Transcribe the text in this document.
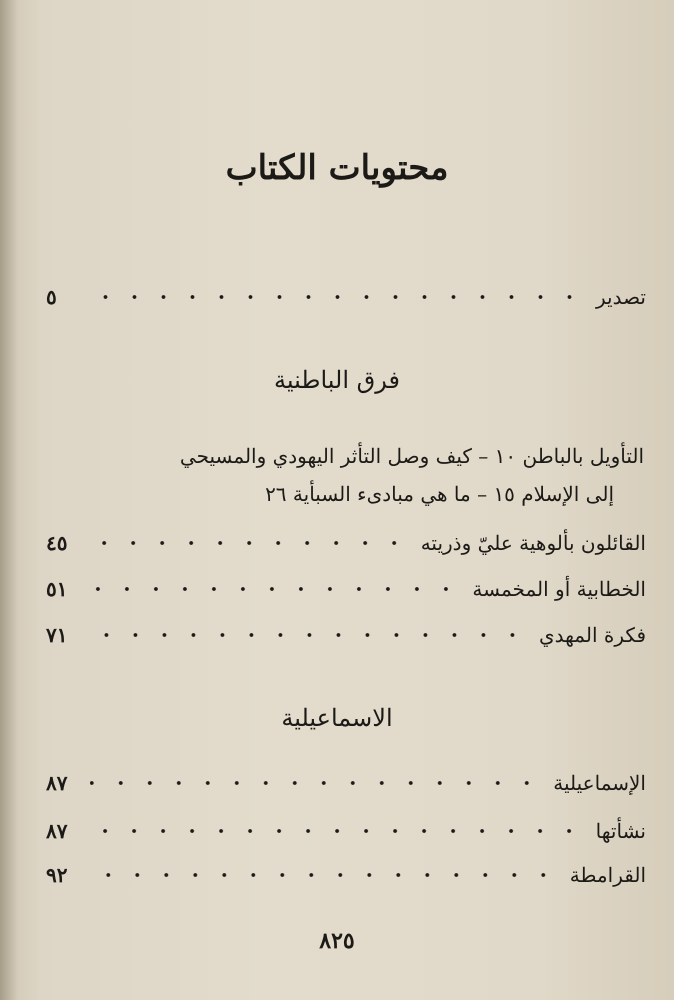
محتويات الكتاب
تصدير
٥
فرق الباطنية
التأويل بالباطن ١٠ – كيف وصل التأثر اليهودي والمسيحي
إلى الإسلام ١٥ – ما هي مبادىء السبأية ٢٦
القائلون بألوهية عليّ وذريته
٤٥
الخطابية أو المخمسة
٥١
فكرة المهدي
٧١
الاسماعيلية
الإسماعيلية
٨٧
نشأتها
٨٧
القرامطة
٩٢
٨٢٥
